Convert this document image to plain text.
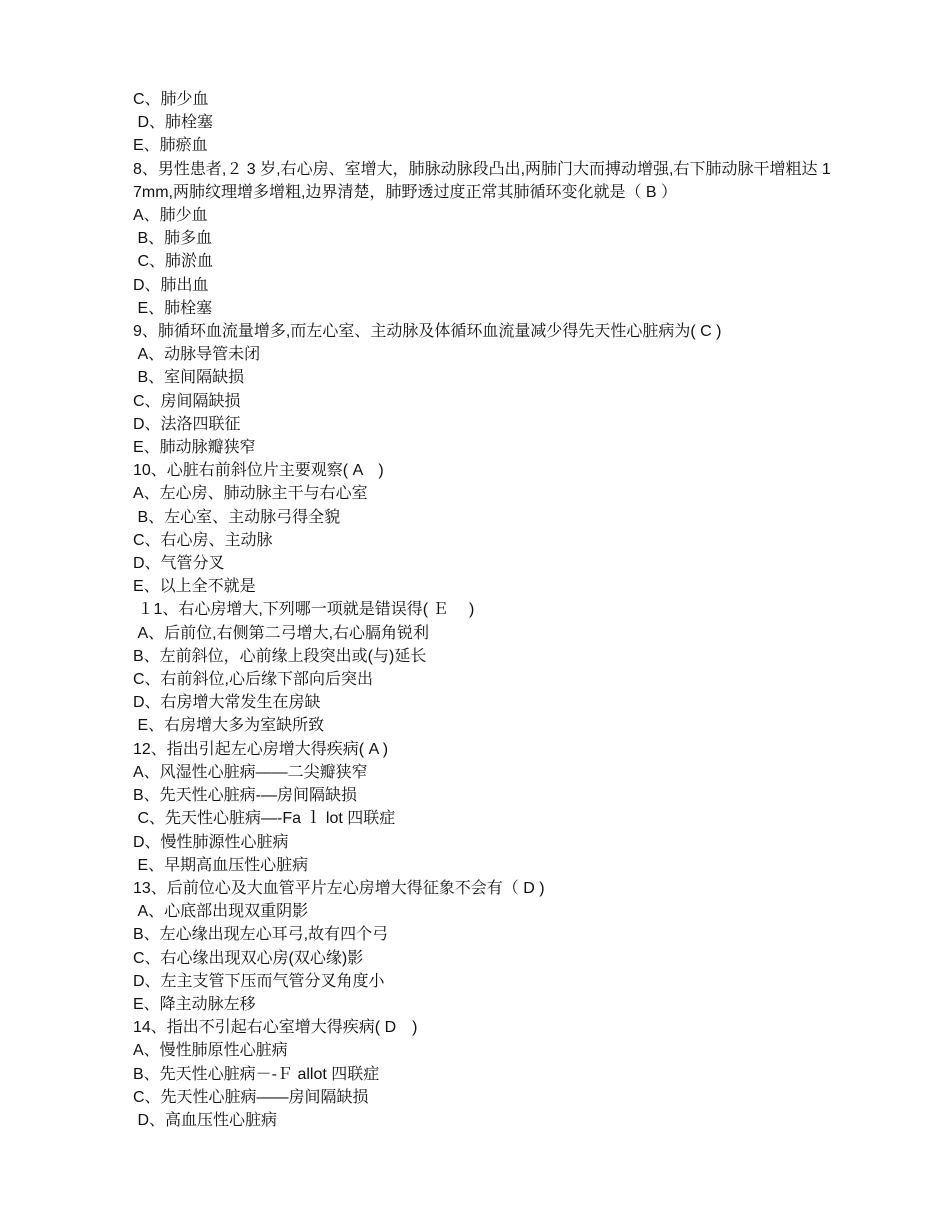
C、肺少血
D、肺栓塞
E、肺瘀血
8、男性患者,２ 3 岁,右心房、室增大，肺脉动脉段凸出,两肺门大而搏动增强,右下肺动脉干增粗达 17mm,两肺纹理增多增粗,边界清楚，肺野透过度正常其肺循环变化就是（ B ）
A、肺少血
B、肺多血
C、肺淤血
D、肺出血
E、肺栓塞
9、肺循环血流量增多,而左心室、主动脉及体循环血流量减少得先天性心脏病为( C )
A、动脉导管未闭
B、室间隔缺损
C、房间隔缺损
D、法洛四联征
E、肺动脉瓣狭窄
10、心脏右前斜位片主要观察( A　)
A、左心房、肺动脉主干与右心室
B、左心室、主动脉弓得全貌
C、右心房、主动脉
D、气管分叉
E、以上全不就是
１1、右心房增大,下列哪一项就是错误得( Ｅ　 )
A、后前位,右侧第二弓增大,右心膈角锐利
B、左前斜位，心前缘上段突出或(与)延长
C、右前斜位,心后缘下部向后突出
D、右房增大常发生在房缺
E、右房增大多为室缺所致
12、指出引起左心房增大得疾病( A )
A、风湿性心脏病——二尖瓣狭窄
B、先天性心脏病-—房间隔缺损
C、先天性心脏病—-Fa ｌ lot 四联症
D、慢性肺源性心脏病
E、早期高血压性心脏病
13、后前位心及大血管平片左心房增大得征象不会有（ D )
A、心底部出现双重阴影
B、左心缘出现左心耳弓,故有四个弓
C、右心缘出现双心房(双心缘)影
D、左主支管下压而气管分叉角度小
E、降主动脉左移
14、指出不引起右心室增大得疾病( D　)
A、慢性肺原性心脏病
B、先天性心脏病－-Ｆ allot 四联症
C、先天性心脏病——房间隔缺损
D、高血压性心脏病
